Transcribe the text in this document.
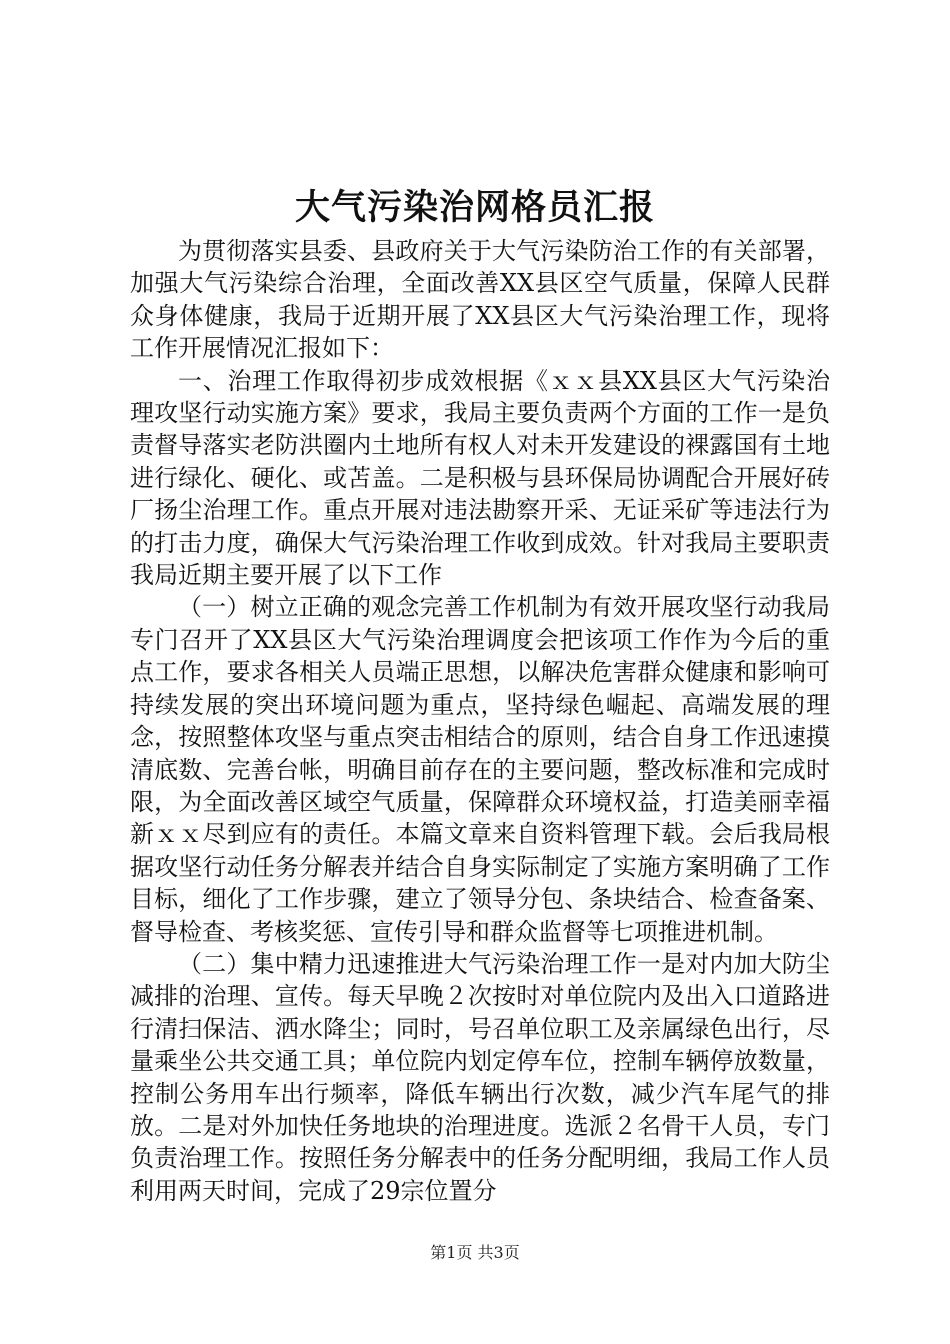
大气污染治网格员汇报

为贯彻落实县委、县政府关于大气污染防治工作的有关部署，加强大气污染综合治理，全面改善XX县区空气质量，保障人民群众身体健康，我局于近期开展了XX县区大气污染治理工作，现将工作开展情况汇报如下：

一、治理工作取得初步成效根据《ｘｘ县XX县区大气污染治理攻坚行动实施方案》要求，我局主要负责两个方面的工作一是负责督导落实老防洪圈内土地所有权人对未开发建设的裸露国有土地进行绿化、硬化、或苫盖。二是积极与县环保局协调配合开展好砖厂扬尘治理工作。重点开展对违法勘察开采、无证采矿等违法行为的打击力度，确保大气污染治理工作收到成效。针对我局主要职责我局近期主要开展了以下工作

（一）树立正确的观念完善工作机制为有效开展攻坚行动我局专门召开了XX县区大气污染治理调度会把该项工作作为今后的重点工作，要求各相关人员端正思想，以解决危害群众健康和影响可持续发展的突出环境问题为重点，坚持绿色崛起、高端发展的理念，按照整体攻坚与重点突击相结合的原则，结合自身工作迅速摸清底数、完善台帐，明确目前存在的主要问题，整改标准和完成时限，为全面改善区域空气质量，保障群众环境权益，打造美丽幸福新ｘｘ尽到应有的责任。本篇文章来自资料管理下载。会后我局根据攻坚行动任务分解表并结合自身实际制定了实施方案明确了工作目标，细化了工作步骤，建立了领导分包、条块结合、检查备案、督导检查、考核奖惩、宣传引导和群众监督等七项推进机制。

（二）集中精力迅速推进大气污染治理工作一是对内加大防尘减排的治理、宣传。每天早晚２次按时对单位院内及出入口道路进行清扫保洁、洒水降尘；同时，号召单位职工及亲属绿色出行，尽量乘坐公共交通工具；单位院内划定停车位，控制车辆停放数量，控制公务用车出行频率，降低车辆出行次数，减少汽车尾气的排放。二是对外加快任务地块的治理进度。选派２名骨干人员，专门负责治理工作。按照任务分解表中的任务分配明细，我局工作人员利用两天时间，完成了29宗位置分

第1页 共3页
